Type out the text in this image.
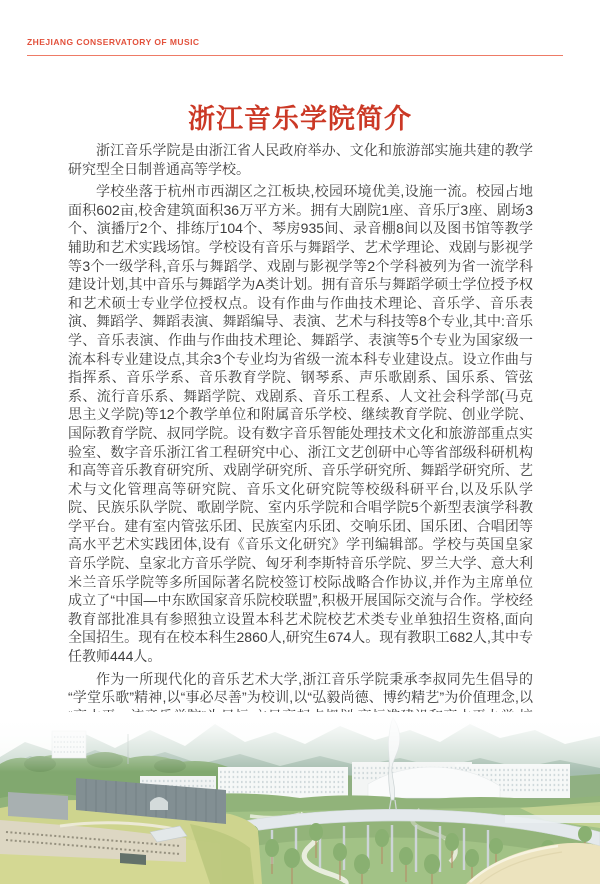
ZHEJIANG CONSERVATORY OF MUSIC
浙江音乐学院简介

浙江音乐学院是由浙江省人民政府举办、文化和旅游部实施共建的教学研究型全日制普通高等学校。

学校坐落于杭州市西湖区之江板块,校园环境优美,设施一流。校园占地面积602亩,校舍建筑面积36万平方米。拥有大剧院1座、音乐厅3座、剧场3个、演播厅2个、排练厅104个、琴房935间、录音棚8间以及图书馆等教学辅助和艺术实践场馆。学校设有音乐与舞蹈学、艺术学理论、戏剧与影视学等3个一级学科,音乐与舞蹈学、戏剧与影视学等2个学科被列为省一流学科建设计划,其中音乐与舞蹈学为A类计划。拥有音乐与舞蹈学硕士学位授予权和艺术硕士专业学位授权点。设有作曲与作曲技术理论、音乐学、音乐表演、舞蹈学、舞蹈表演、舞蹈编导、表演、艺术与科技等8个专业,其中:音乐学、音乐表演、作曲与作曲技术理论、舞蹈学、表演等5个专业为国家级一流本科专业建设点,其余3个专业均为省级一流本科专业建设点。设立作曲与指挥系、音乐学系、音乐教育学院、钢琴系、声乐歌剧系、国乐系、管弦系、流行音乐系、舞蹈学院、戏剧系、音乐工程系、人文社会科学部(马克思主义学院)等12个教学单位和附属音乐学校、继续教育学院、创业学院、国际教育学院、叔同学院。设有数字音乐智能处理技术文化和旅游部重点实验室、数字音乐浙江省工程研究中心、浙江文艺创研中心等省部级科研机构和高等音乐教育研究所、戏剧学研究所、音乐学研究所、舞蹈学研究所、艺术与文化管理高等研究院、音乐文化研究院等校级科研平台,以及乐队学院、民族乐队学院、歌剧学院、室内乐学院和合唱学院5个新型表演学科教学平台。建有室内管弦乐团、民族室内乐团、交响乐团、国乐团、合唱团等高水平艺术实践团体,设有《音乐文化研究》学刊编辑部。学校与英国皇家音乐学院、皇家北方音乐学院、匈牙利李斯特音乐学院、罗兰大学、意大利米兰音乐学院等多所国际著名院校签订校际战略合作协议,并作为主席单位成立了“中国—中东欧国家音乐院校联盟”,积极开展国际交流与合作。学校经教育部批准具有参照独立设置本科艺术院校艺术类专业单独招生资格,面向全国招生。现有在校本科生2860人,研究生674人。现有教职工682人,其中专任教师444人。

作为一所现代化的音乐艺术大学,浙江音乐学院秉承李叔同先生倡导的“学堂乐歌”精神,以“事必尽善”为校训,以“弘毅尚德、博约精艺”为价值理念,以
